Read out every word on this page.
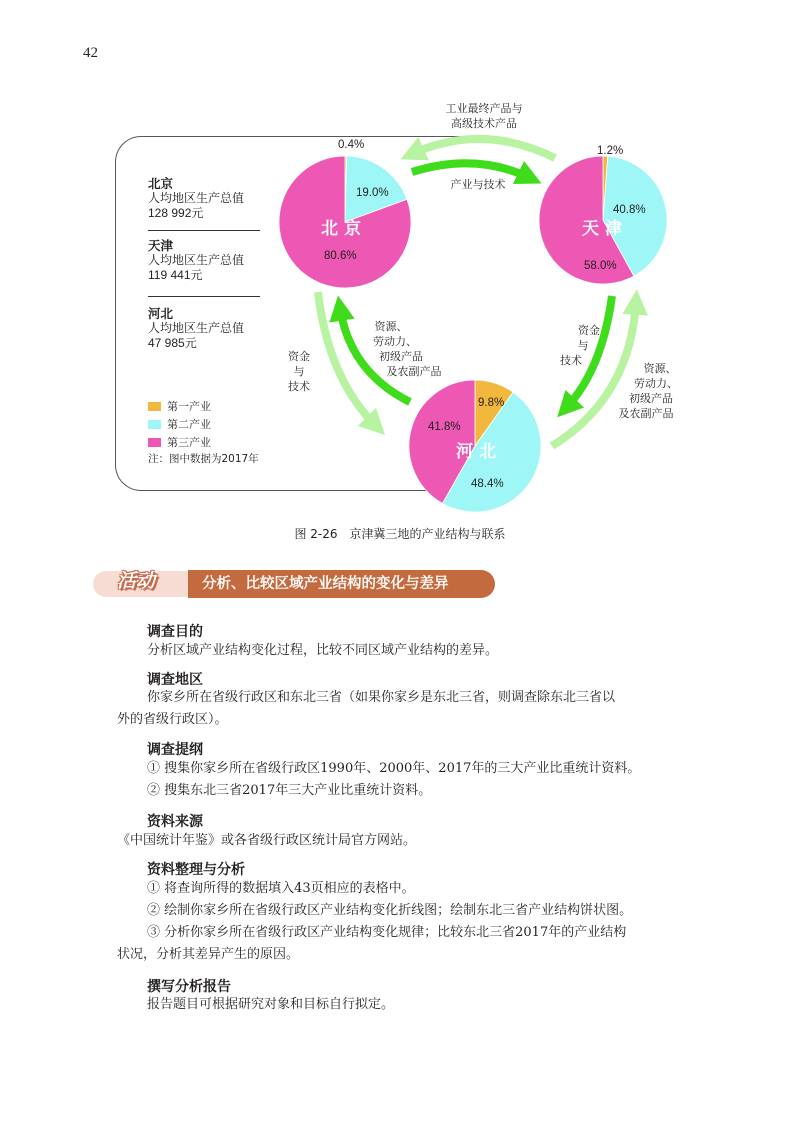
42
北京
人均地区生产总值
128 992元
天津
人均地区生产总值
119 441元
河北
人均地区生产总值
47 985元
第一产业
第二产业
第三产业
注：图中数据为2017年
北 京	天 津
河 北
0.4%
19.0%
80.6%
1.2%
40.8%
58.0%
9.8%
48.4%
41.8%
工业最终产品与
高级技术产品
产业与技术
资金
与
技术
资源、
劳动力、
初级产品
及农副产品
资金
与
技术
资源、
劳动力、
初级产品
及农副产品
图 2-26　京津冀三地的产业结构与联系
活动	分析、比较区域产业结构的变化与差异
调查目的
分析区域产业结构变化过程，比较不同区域产业结构的差异。
调查地区
你家乡所在省级行政区和东北三省（如果你家乡是东北三省，则调查除东北三省以
外的省级行政区）。
调查提纲
① 搜集你家乡所在省级行政区1990年、2000年、2017年的三大产业比重统计资料。
② 搜集东北三省2017年三大产业比重统计资料。
资料来源
《中国统计年鉴》或各省级行政区统计局官方网站。
资料整理与分析
① 将查询所得的数据填入43页相应的表格中。
② 绘制你家乡所在省级行政区产业结构变化折线图；绘制东北三省产业结构饼状图。
③ 分析你家乡所在省级行政区产业结构变化规律；比较东北三省2017年的产业结构
状况，分析其差异产生的原因。
撰写分析报告
报告题目可根据研究对象和目标自行拟定。
